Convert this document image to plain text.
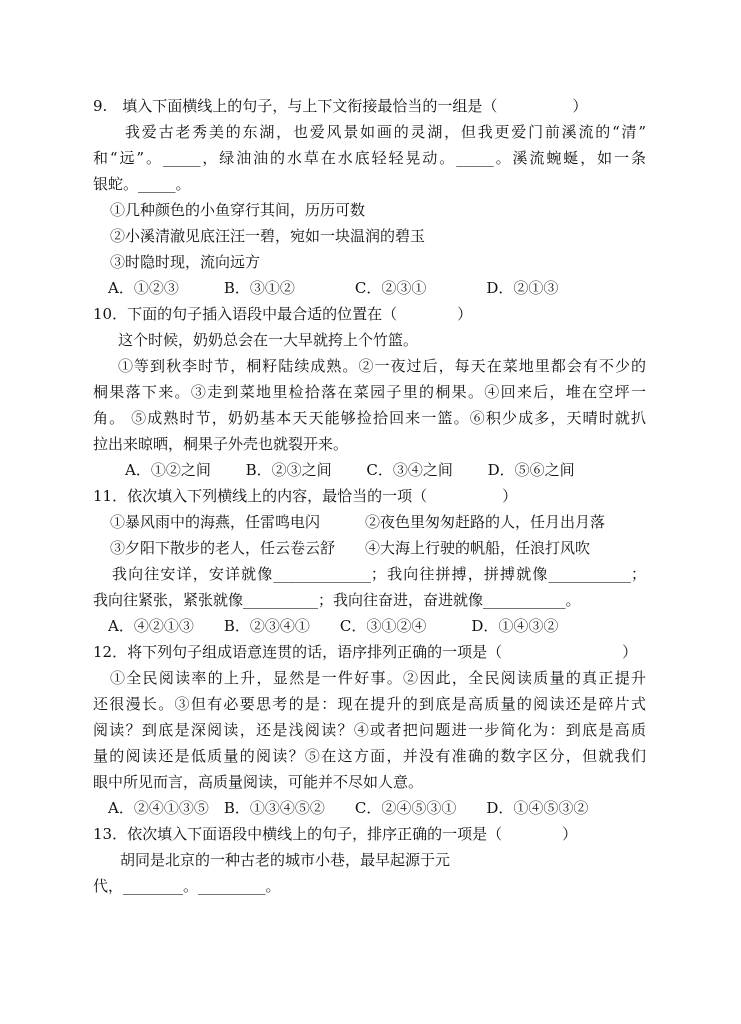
9.　填入下面横线上的句子，与上下文衔接最恰当的一组是（　　　　　）

我爱古老秀美的东湖，也爱风景如画的灵湖，但我更爱门前溪流的“清”

和“远”。_____，绿油油的水草在水底轻轻晃动。_____。溪流蜿蜒，如一条

银蛇。_____。

①几种颜色的小鱼穿行其间，历历可数

②小溪清澈见底汪汪一碧，宛如一块温润的碧玉

③时隐时现，流向远方

A．①②③　　　B．③①②　　　　C．②③①　　　　D．②①③

10．下面的句子插入语段中最合适的位置在（　　　　）

这个时候，奶奶总会在一大早就挎上个竹篮。

①等到秋李时节，桐籽陆续成熟。②一夜过后，每天在菜地里都会有不少的

桐果落下来。③走到菜地里检拾落在菜园子里的桐果。④回来后，堆在空坪一

角。 ⑤成熟时节，奶奶基本天天能够捡拾回来一篮。⑥积少成多，天晴时就扒

拉出来晾晒，桐果子外壳也就裂开来。

A．①②之间　　 B．②③之间　　 C．③④之间　　 D．⑤⑥之间

11．依次填入下列横线上的内容，最恰当的一项（　　　　　）

①暴风雨中的海燕，任雷鸣电闪　　　②夜色里匆匆赶路的人，任月出月落

③夕阳下散步的老人，任云卷云舒　　④大海上行驶的帆船，任浪打风吹

我向往安详，安详就像_____________；我向往拼搏，拼搏就像___________；

我向往紧张，紧张就像__________；我向往奋进，奋进就像___________。

A．④②①③　　B．②③④①　　C．③①②④　　　D．①④③②

12．将下列句子组成语意连贯的话，语序排列正确的一项是（　　　　　　　　）

①全民阅读率的上升，显然是一件好事。②因此，全民阅读质量的真正提升

还很漫长。③但有必要思考的是：现在提升的到底是高质量的阅读还是碎片式

阅读？到底是深阅读，还是浅阅读？④或者把问题进一步简化为：到底是高质

量的阅读还是低质量的阅读？⑤在这方面，并没有准确的数字区分，但就我们

眼中所见而言，高质量阅读，可能并不尽如人意。

A．②④①③⑤　B．①③④⑤②　　C．②④⑤③①　　D．①④⑤③②

13．依次填入下面语段中横线上的句子，排序正确的一项是（　　　　）

胡同是北京的一种古老的城市小巷，最早起源于元

代，________。_________。
